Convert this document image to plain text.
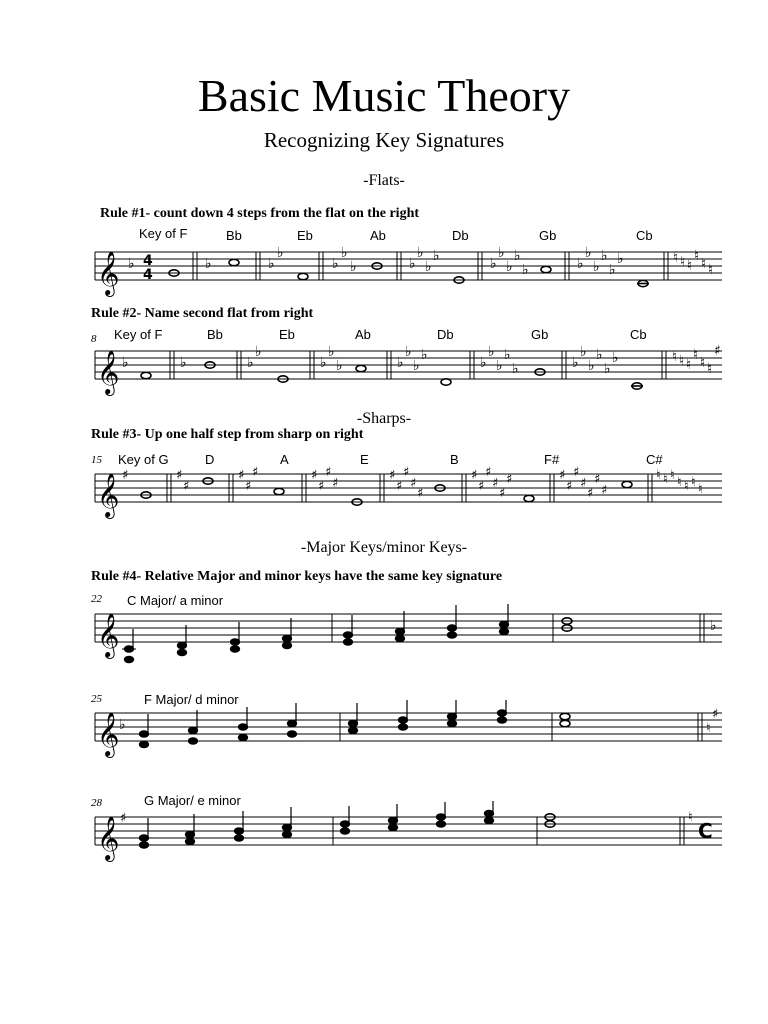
Basic Music Theory
Recognizing Key Signatures
-Flats-
-Sharps-
-Major Keys/minor Keys-
Rule #1- count down 4 steps from the flat on the right
Rule #2- Name second flat from right
Rule #3- Up one half step from sharp on right
Rule #4- Relative Major and minor keys have the same key signature
Key of F	Bb	Eb	Ab	Db	Gb	Cb
8 Key of F	Bb	Eb	Ab	Db	Gb	Cb
15 Key of G	D	A	E	B	F#	C#
22 C Major/ a minor
25	F Major/ d minor
28	G Major/ e minor
𝄞 ♭ 4
4
♭	♭
♭
♭
♭
♭	♭
♭
♭
♭	♭
♭
♭
♭
♭	♭
♭
♭
♭
♭
♭	♮ ♮ ♮
♮ ♮ ♮
𝄞 ♭	♭	♭
♭
♭
♭
♭	♭
♭
♭
♭	♭
♭
♭
♭
♭	♭
♭
♭
♭
♭
♭	♮ ♮ ♮
♮ ♮ ♮
♯
𝄞 ♯	♯
♯
♯
♯
♯	♯
♯
♯
♯
♯
♯
♯
♯
♯
♯
♯
♯
♯
♯
♯	♯
♯
♯
♯
♯
♯
♯
♮ ♮ ♮ ♮ ♮ ♮ ♮
𝄞	♭
𝄞 ♭	♮
♯
𝄞 ♯	♮
C
